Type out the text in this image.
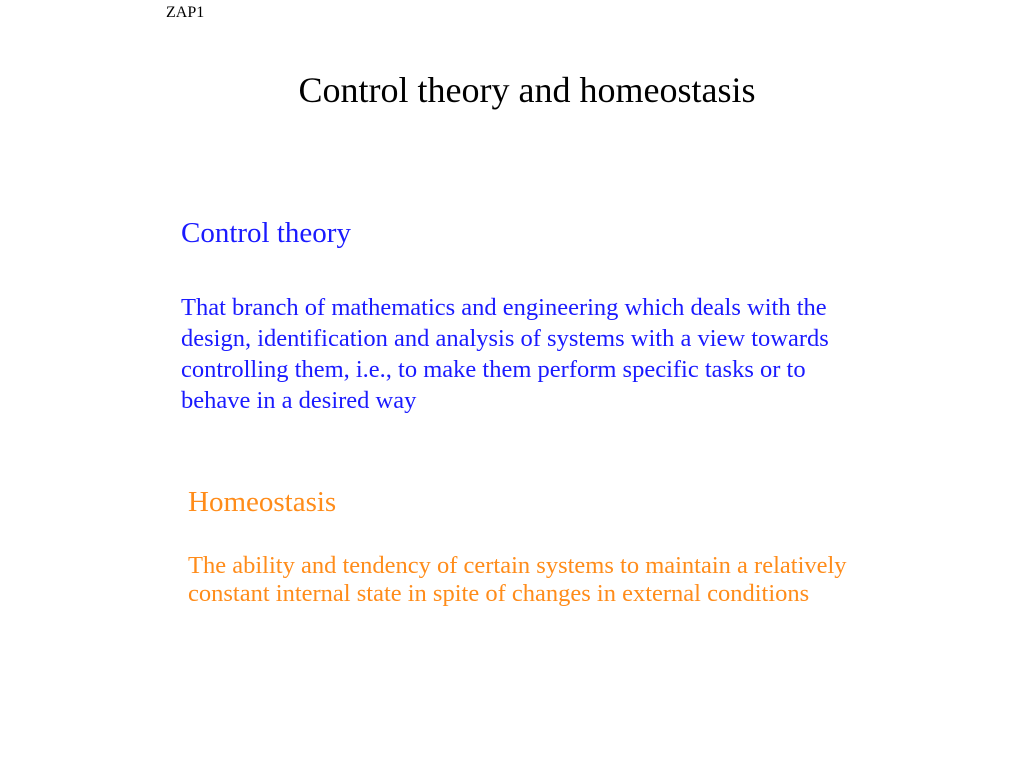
ZAP1
Control theory and homeostasis
Control theory
That branch of mathematics and engineering which deals with the
design, identification and analysis of systems with a view towards
controlling them, i.e., to make them perform specific tasks or to
behave in a desired way
Homeostasis
The ability and tendency of certain systems to maintain a relatively
constant internal state in spite of changes in external conditions
